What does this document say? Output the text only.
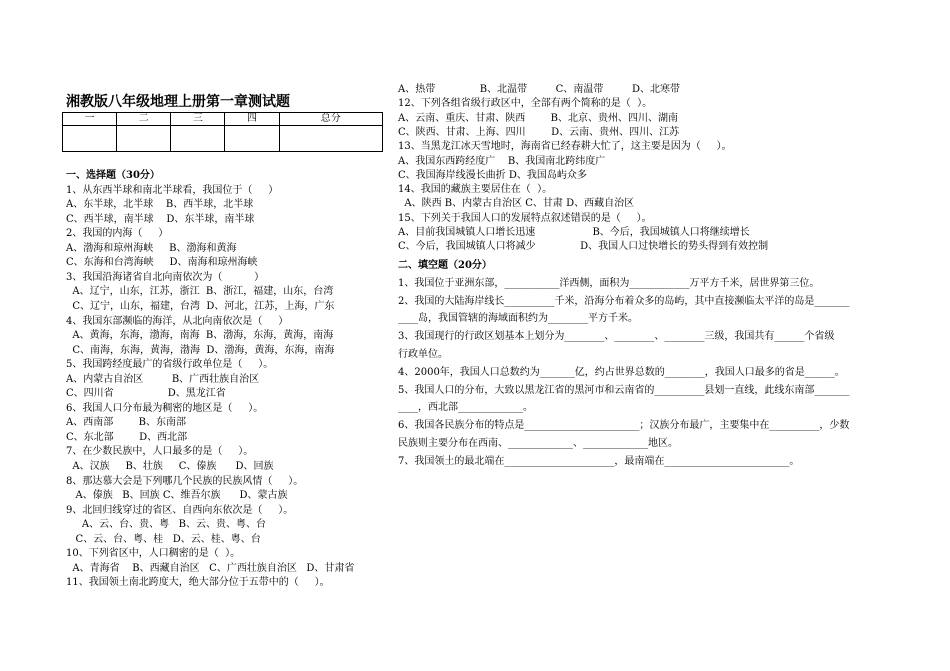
湘教版八年级地理上册第一章测试题
一	二	三	四	总分

一、选择题（30分）
1、从东西半球和南北半球看，我国位于（     ）
A、东半球，北半球    B、西半球，北半球
C、西半球，南半球    D、东半球，南半球
2、我国的内海（     ）
A、渤海和琼州海峡     B、渤海和黄海
C、东海和台湾海峡     D、南海和琼州海峡
3、我国沿海诸省自北向南依次为（          ）
A、辽宁，山东，江苏，浙江  B、浙江，福建，山东，台湾
C、辽宁，山东，福建，台湾  D、河北，江苏，上海，广东
4、我国东部濒临的海洋，从北向南依次是（     ）
A、黄海，东海，渤海，南海  B、渤海，东海，黄海，南海
C、南海，东海，黄海，渤海  D、渤海，黄海，东海，南海
5、我国跨经度最广的省级行政单位是（     ）。
A、内蒙古自治区         B、广西壮族自治区
C、四川省                 D、黑龙江省
6、我国人口分布最为稠密的地区是（     ）。
A、西南部        B、东南部
C、东北部        D、西北部
7、在少数民族中，人口最多的是（     ）。
A、汉族     B、壮族     C、傣族      D、回族
8、那达慕大会是下列哪几个民族的民族风情（     ）。
A、傣族   B、回族 C、维吾尔族      D、蒙古族
9、北回归线穿过的省区、自西向东依次是（     ）。
A、云、台、贵、粤   B、云、贵、粤、台
C、云、台、粤、桂   D、云、桂、粤、台
10、下列省区中，人口稠密的是（  ）。
A、青海省    B、西藏自治区   C、广西壮族自治区   D、甘肃省
11、我国领土南北跨度大，绝大部分位于五带中的（     ）。
A、热带              B、北温带         C、南温带         D、北寒带
12、下列各组省级行政区中，全部有两个简称的是（  ）。
A、云南、重庆、甘肃、陕西        B、北京、贵州、四川、湖南
C、陕西、甘肃、上海、四川        D、云南、贵州、四川、江苏
13、当黑龙江冰天雪地时，海南省已经春耕大忙了，这主要是因为（     ）。
A、我国东西跨经度广    B、我国南北跨纬度广
C、我国海岸线漫长曲折 D、我国岛屿众多
14、我国的藏族主要居住在（  ）。
A、陕西 B、内蒙古自治区 C、甘肃 D、西藏自治区
15、下列关于我国人口的发展特点叙述错误的是（     ）。
A、目前我国城镇人口增长迅速                  B、今后，我国城镇人口将继续增长
C、今后，我国城镇人口将减少              D、我国人口过快增长的势头得到有效控制
二、填空题（20分）
1、我国位于亚洲东部，___________洋西侧，面积为____________万平方千米，居世界第三位。
2、我国的大陆海岸线长__________千米，沿海分布着众多的岛屿，其中直接濒临太平洋的岛是_______
____岛，我国管辖的海域面积约为________平方千米。
3、我国现行的行政区划基本上划分为________、________、________三级，我国共有______个省级
行政单位。
4、2000年，我国人口总数约为_______亿，约占世界总数的________，我国人口最多的省是______。
5、我国人口的分布，大致以黑龙江省的黑河市和云南省的__________县划一直线，此线东南部_______
____，西北部_____________。
6、我国各民族分布的特点是_______________________；汉族分布最广，主要集中在__________，少数
民族则主要分布在西南、_____________、_____________地区。
7、我国领土的最北端在______________________，最南端在_________________________。
